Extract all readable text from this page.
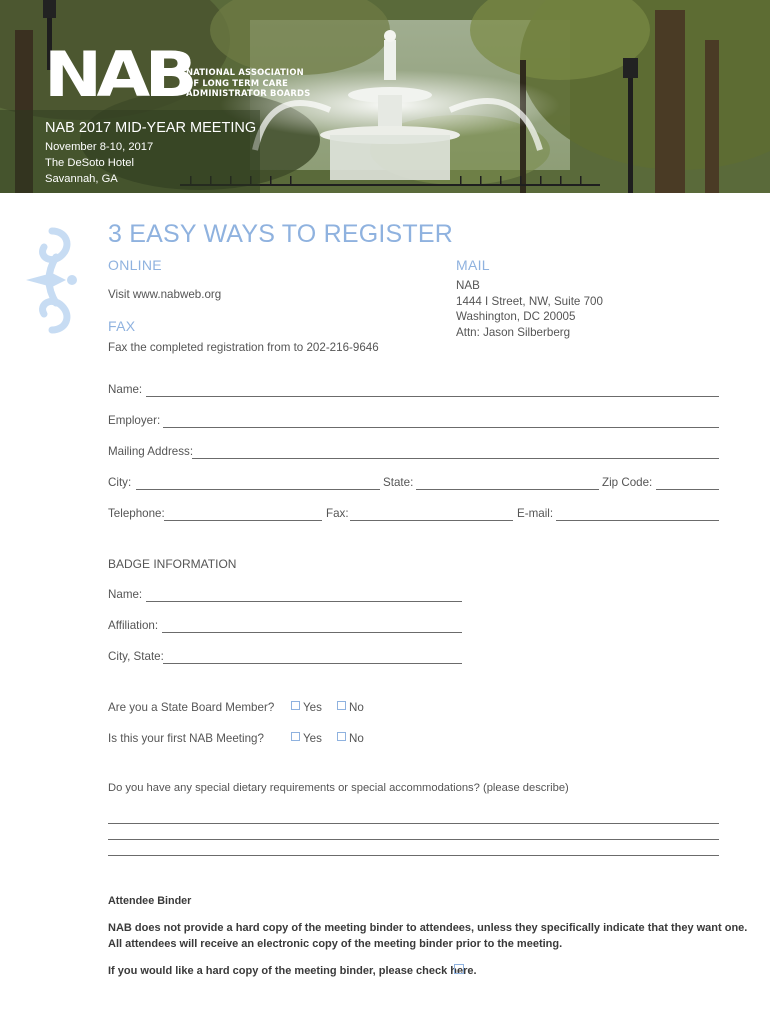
NAB
NATIONAL ASSOCIATION
OF LONG TERM CARE
ADMINISTRATOR BOARDS
NAB 2017 MID-YEAR MEETING
November 8-10, 2017
The DeSoto Hotel
Savannah, GA
3 EASY WAYS TO REGISTER
ONLINE
Visit www.nabweb.org
FAX
Fax the completed registration from to 202-216-9646
MAIL
NAB
1444 I Street, NW, Suite 700
Washington, DC 20005
Attn: Jason Silberberg
Name:
Employer:
Mailing Address:
City:	State:	Zip Code:
Telephone:	Fax:	E-mail:
BADGE INFORMATION
Name:
Affiliation:
City, State:
Are you a State Board Member? Yes No
Is this your first NAB Meeting?	Yes No
Do you have any special dietary requirements or special accommodations? (please describe)
Attendee Binder
NAB does not provide a hard copy of the meeting binder to attendees, unless they specifically indicate that they want one.
All attendees will receive an electronic copy of the meeting binder prior to the meeting.
If you would like a hard copy of the meeting binder, please check here.
